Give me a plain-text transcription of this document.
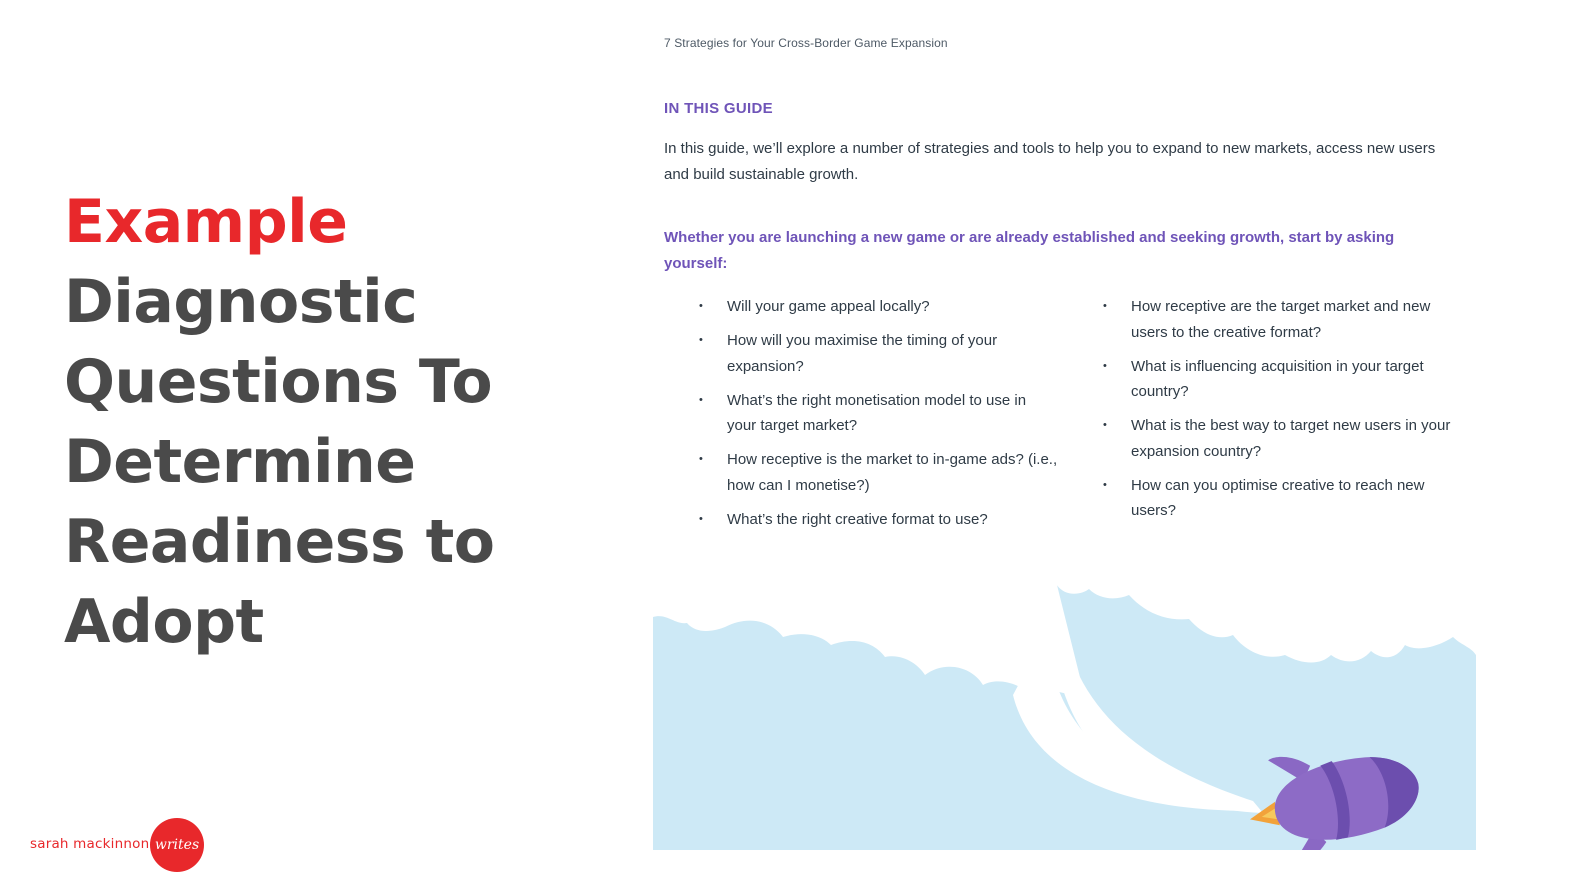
Example
Diagnostic
Questions To
Determine
Readiness to
Adopt
sarah mackinnon writes
7 Strategies for Your Cross-Border Game Expansion
IN THIS GUIDE

In this guide, we’ll explore a number of strategies and tools to help you to expand to new markets, access new users and build sustainable growth.

Whether you are launching a new game or are already established and seeking growth, start by asking yourself:

• Will your game appeal locally?
• How will you maximise the timing of your expansion?
• What’s the right monetisation model to use in your target market?
• How receptive is the market to in-game ads? (i.e., how can I monetise?)
• What’s the right creative format to use?
• How receptive are the target market and new users to the creative format?
• What is influencing acquisition in your target country?
• What is the best way to target new users in your expansion country?
• How can you optimise creative to reach new users?
